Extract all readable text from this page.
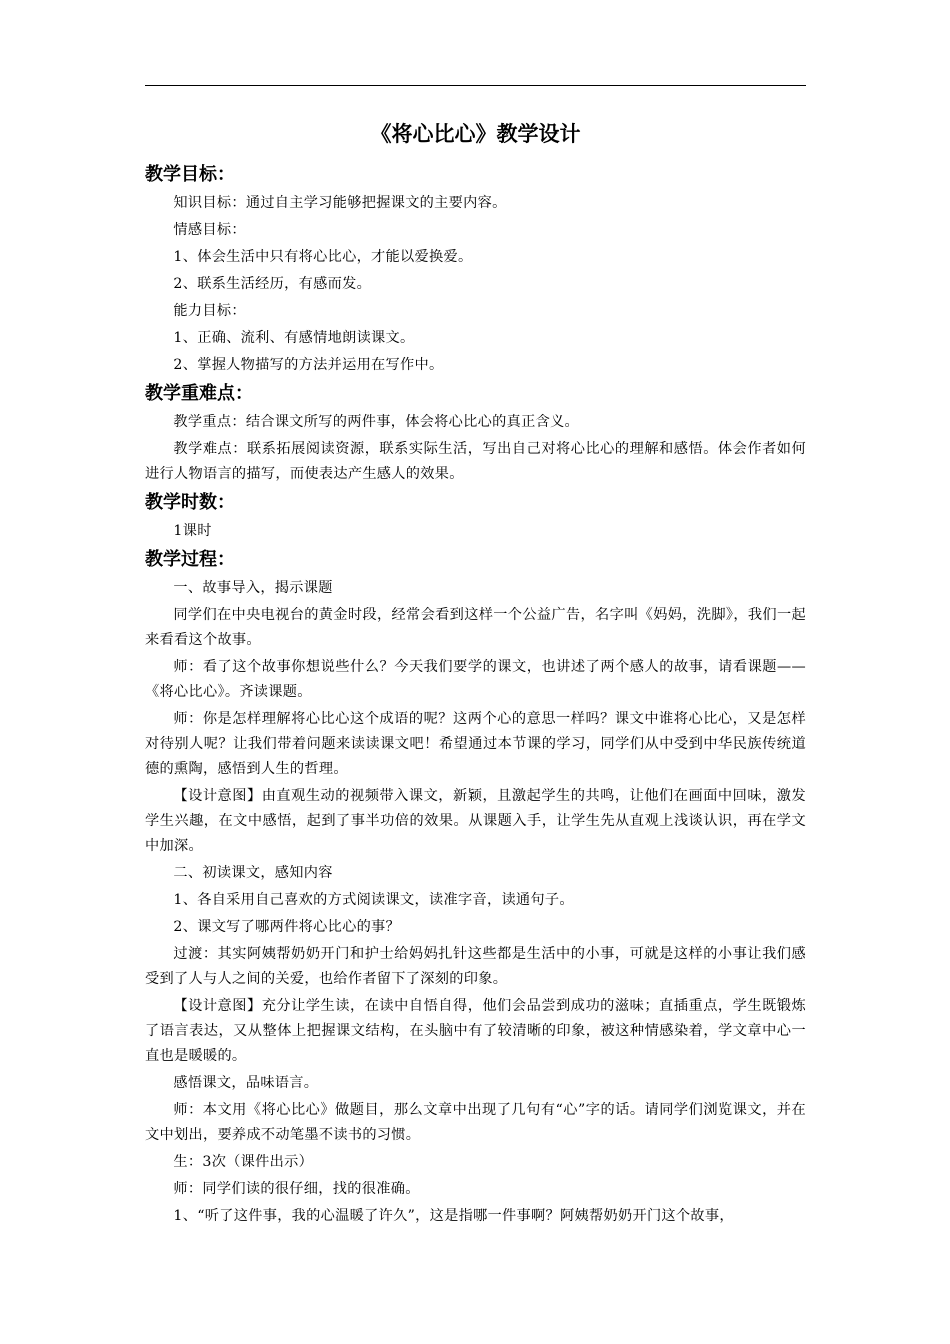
《将心比心》教学设计
教学目标：

知识目标：通过自主学习能够把握课文的主要内容。

情感目标：

1、体会生活中只有将心比心，才能以爱换爱。

2、联系生活经历，有感而发。

能力目标：

1、正确、流利、有感情地朗读课文。

2、掌握人物描写的方法并运用在写作中。

教学重难点：

教学重点：结合课文所写的两件事，体会将心比心的真正含义。

教学难点：联系拓展阅读资源，联系实际生活，写出自己对将心比心的理解和感悟。体会作者如何进行人物语言的描写，而使表达产生感人的效果。

教学时数：

1课时

教学过程：

一、故事导入，揭示课题

同学们在中央电视台的黄金时段，经常会看到这样一个公益广告，名字叫《妈妈，洗脚》，我们一起来看看这个故事。

师：看了这个故事你想说些什么？今天我们要学的课文，也讲述了两个感人的故事，请看课题——《将心比心》。齐读课题。

师：你是怎样理解将心比心这个成语的呢？这两个心的意思一样吗？课文中谁将心比心，又是怎样对待别人呢？让我们带着问题来读读课文吧！希望通过本节课的学习，同学们从中受到中华民族传统道德的熏陶，感悟到人生的哲理。

【设计意图】由直观生动的视频带入课文，新颖，且激起学生的共鸣，让他们在画面中回味，激发学生兴趣，在文中感悟，起到了事半功倍的效果。从课题入手，让学生先从直观上浅谈认识，再在学文中加深。

二、初读课文，感知内容

1、各自采用自己喜欢的方式阅读课文，读准字音，读通句子。

2、课文写了哪两件将心比心的事？

过渡：其实阿姨帮奶奶开门和护士给妈妈扎针这些都是生活中的小事，可就是这样的小事让我们感受到了人与人之间的关爱，也给作者留下了深刻的印象。

【设计意图】充分让学生读，在读中自悟自得，他们会品尝到成功的滋味；直插重点，学生既锻炼了语言表达，又从整体上把握课文结构，在头脑中有了较清晰的印象，被这种情感染着，学文章中心一直也是暖暖的。

感悟课文，品味语言。

师：本文用《将心比心》做题目，那么文章中出现了几句有“心”字的话。请同学们浏览课文，并在文中划出，要养成不动笔墨不读书的习惯。

生：3次（课件出示）

师：同学们读的很仔细，找的很准确。

1、“听了这件事，我的心温暖了许久”，这是指哪一件事啊？阿姨帮奶奶开门这个故事，
